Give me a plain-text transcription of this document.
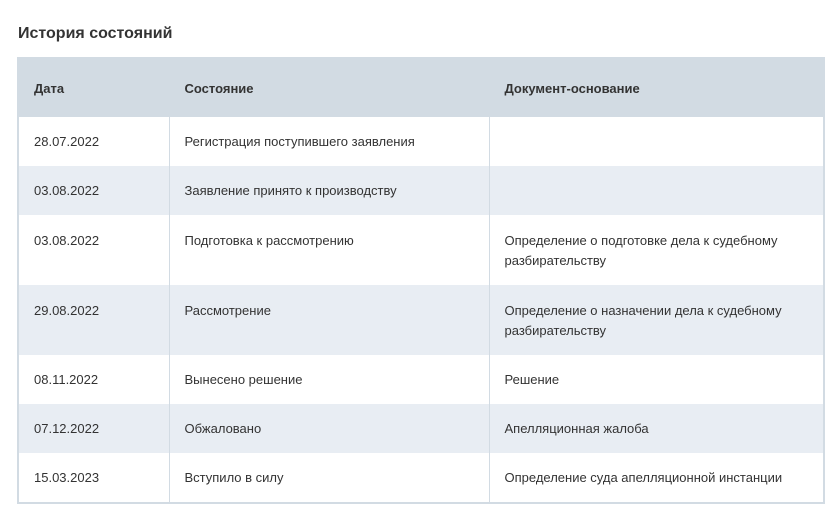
История состояний
Дата	Состояние	Документ-основание
28.07.2022	Регистрация поступившего заявления	
03.08.2022	Заявление принято к производству	
03.08.2022	Подготовка к рассмотрению	Определение о подготовке дела к судебному разбирательству
29.08.2022	Рассмотрение	Определение о назначении дела к судебному разбирательству
08.11.2022	Вынесено решение	Решение
07.12.2022	Обжаловано	Апелляционная жалоба
15.03.2023	Вступило в силу	Определение суда апелляционной инстанции
